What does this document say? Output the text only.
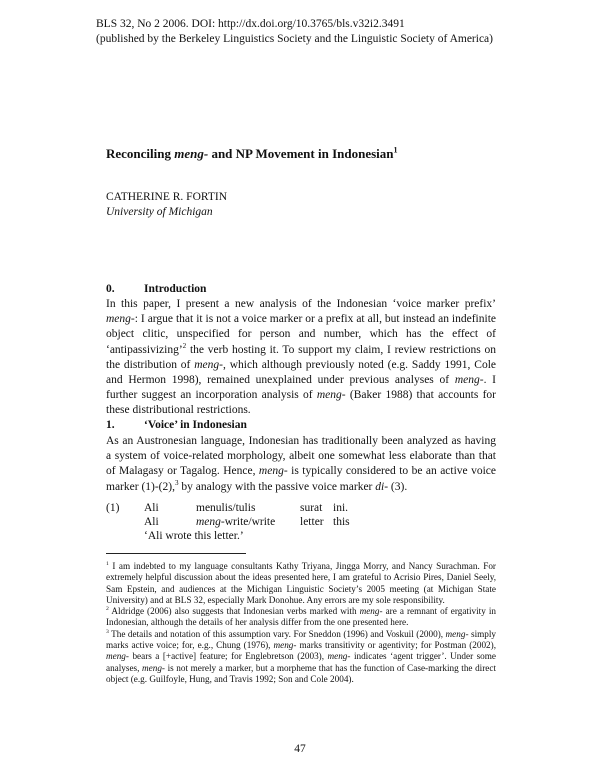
BLS 32, No 2 2006. DOI: http://dx.doi.org/10.3765/bls.v32i2.3491
(published by the Berkeley Linguistics Society and the Linguistic Society of America)
Reconciling meng- and NP Movement in Indonesian$^1$
CATHERINE R. FORTIN
University of Michigan
0.	Introduction
In this paper, I present a new analysis of the Indonesian ‘voice marker prefix’ meng-: I argue that it is not a voice marker or a prefix at all, but instead an indefinite object clitic, unspecified for person and number, which has the effect of ‘antipassivizing’$^2$ the verb hosting it. To support my claim, I review restrictions on the distribution of meng-, which although previously noted (e.g. Saddy 1991, Cole and Hermon 1998), remained unexplained under previous analyses of meng-. I further suggest an incorporation analysis of meng- (Baker 1988) that accounts for these distributional restrictions.
1.	‘Voice’ in Indonesian
As an Austronesian language, Indonesian has traditionally been analyzed as having a system of voice-related morphology, albeit one somewhat less elaborate than that of Malagasy or Tagalog. Hence, meng- is typically considered to be an active voice marker (1)-(2),$^3$ by analogy with the passive voice marker di- (3).
(1)	Ali	menulis/tulis	surat	ini.
	Ali	meng-write/write	letter	this
	‘Ali wrote this letter.’			

$^1$ I am indebted to my language consultants Kathy Triyana, Jingga Morry, and Nancy Surachman. For extremely helpful discussion about the ideas presented here, I am grateful to Acrisio Pires, Daniel Seely, Sam Epstein, and audiences at the Michigan Linguistic Society’s 2005 meeting (at Michigan State University) and at BLS 32, especially Mark Donohue. Any errors are my sole responsibility.

$^2$ Aldridge (2006) also suggests that Indonesian verbs marked with meng- are a remnant of ergativity in Indonesian, although the details of her analysis differ from the one presented here.

$^3$ The details and notation of this assumption vary. For Sneddon (1996) and Voskuil (2000), meng- simply marks active voice; for, e.g., Chung (1976), meng- marks transitivity or agentivity; for Postman (2002), meng- bears a [+active] feature; for Englebretson (2003), meng- indicates ‘agent trigger’. Under some analyses, meng- is not merely a marker, but a morpheme that has the function of Case-marking the direct object (e.g. Guilfoyle, Hung, and Travis 1992; Son and Cole 2004).

47
